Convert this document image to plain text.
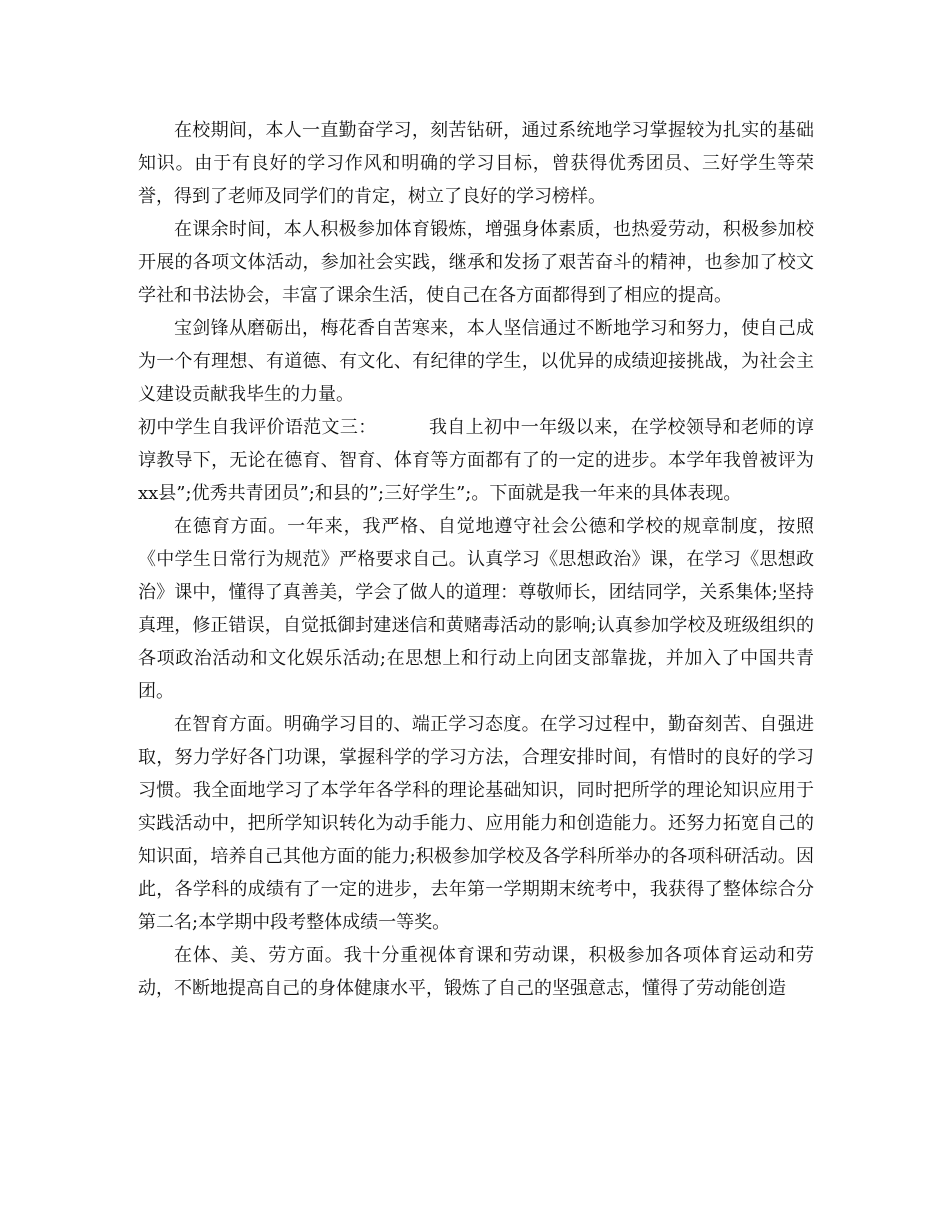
在校期间，本人一直勤奋学习，刻苦钻研，通过系统地学习掌握较为扎实的基础知识。由于有良好的学习作风和明确的学习目标，曾获得优秀团员、三好学生等荣誉，得到了老师及同学们的肯定，树立了良好的学习榜样。

在课余时间，本人积极参加体育锻炼，增强身体素质，也热爱劳动，积极参加校开展的各项文体活动，参加社会实践，继承和发扬了艰苦奋斗的精神，也参加了校文学社和书法协会，丰富了课余生活，使自己在各方面都得到了相应的提高。

宝剑锋从磨砺出，梅花香自苦寒来，本人坚信通过不断地学习和努力，使自己成为一个有理想、有道德、有文化、有纪律的学生，以优异的成绩迎接挑战，为社会主义建设贡献我毕生的力量。

初中学生自我评价语范文三：	我自上初中一年级以来，在学校领导和老师的谆谆教导下，无论在德育、智育、体育等方面都有了的一定的进步。本学年我曾被评为xx县”;优秀共青团员”;和县的”;三好学生”;。下面就是我一年来的具体表现。

在德育方面。一年来，我严格、自觉地遵守社会公德和学校的规章制度，按照《中学生日常行为规范》严格要求自己。认真学习《思想政治》课，在学习《思想政治》课中，懂得了真善美，学会了做人的道理：尊敬师长，团结同学，关系集体;坚持真理，修正错误，自觉抵御封建迷信和黄赌毒活动的影响;认真参加学校及班级组织的各项政治活动和文化娱乐活动;在思想上和行动上向团支部靠拢，并加入了中国共青团。

在智育方面。明确学习目的、端正学习态度。在学习过程中，勤奋刻苦、自强进取，努力学好各门功课，掌握科学的学习方法，合理安排时间，有惜时的良好的学习习惯。我全面地学习了本学年各学科的理论基础知识，同时把所学的理论知识应用于实践活动中，把所学知识转化为动手能力、应用能力和创造能力。还努力拓宽自己的知识面，培养自己其他方面的能力;积极参加学校及各学科所举办的各项科研活动。因此，各学科的成绩有了一定的进步，去年第一学期期末统考中，我获得了整体综合分第二名;本学期中段考整体成绩一等奖。

在体、美、劳方面。我十分重视体育课和劳动课，积极参加各项体育运动和劳动，不断地提高自己的身体健康水平，锻炼了自己的坚强意志，懂得了劳动能创造
